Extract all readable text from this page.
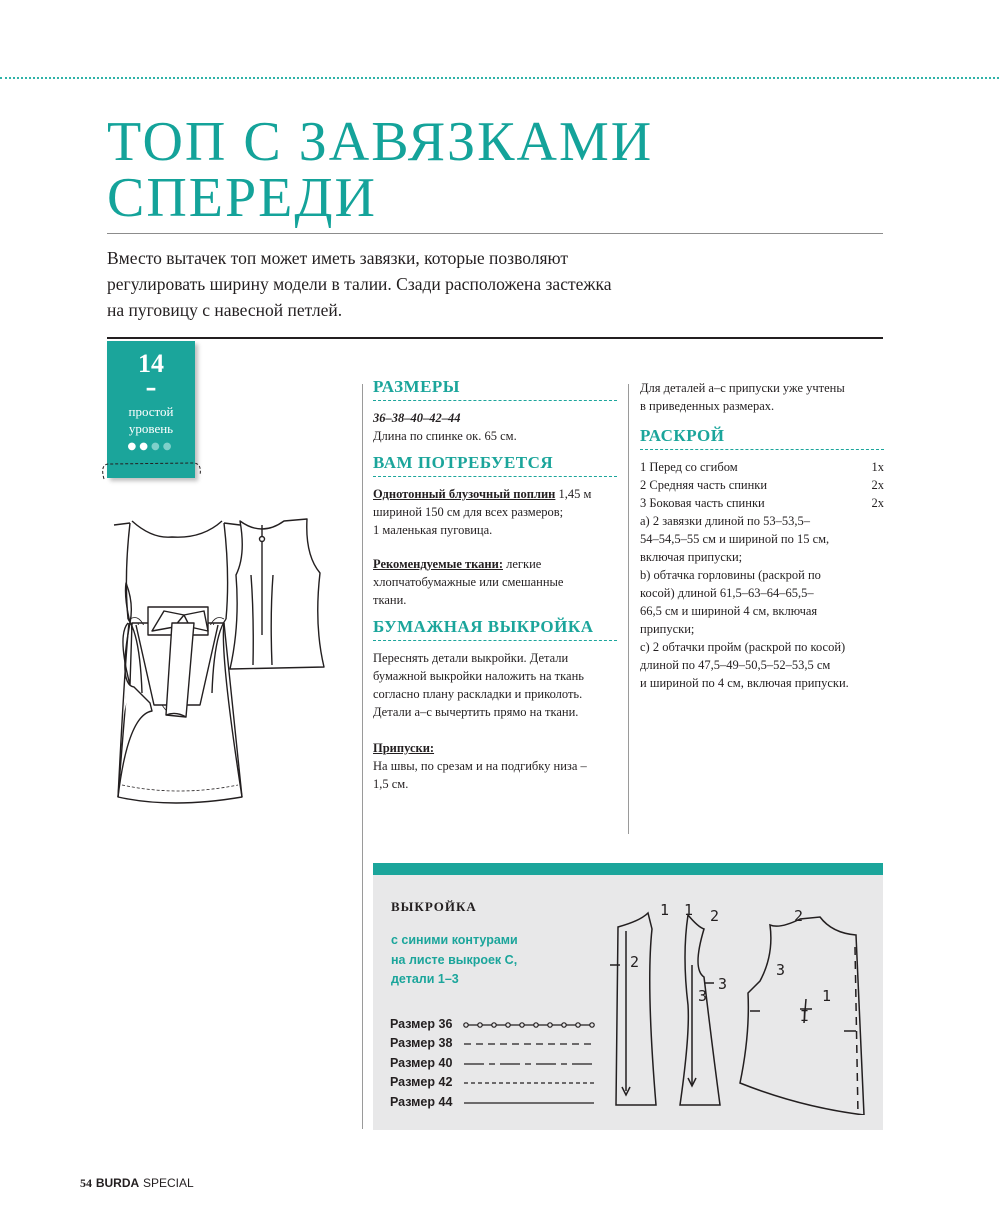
ТОП С ЗАВЯЗКАМИ
СПЕРЕДИ
Вместо вытачек топ может иметь завязки, которые позволяют
регулировать ширину модели в талии. Сзади расположена застежка
на пуговицу с навесной петлей.
14
–
простой
уровень
●●●●
РАЗМЕРЫ
36–38–40–42–44
Длина по спинке ок. 65 см.
ВАМ ПОТРЕБУЕТСЯ
Однотонный блузочный поплин 1,45 м
шириной 150 см для всех размеров;
1 маленькая пуговица.
Рекомендуемые ткани: легкие
хлопчатобумажные или смешанные
ткани.
БУМАЖНАЯ ВЫКРОЙКА
Переснять детали выкройки. Детали
бумажной выкройки наложить на ткань
согласно плану раскладки и приколоть.
Детали а–с вычертить прямо на ткани.
Припуски:
На швы, по срезам и на подгибку низа –
1,5 см.
Для деталей а–с припуски уже учтены
в приведенных размерах.
РАСКРОЙ
1 Перед со сгибом	1x
2 Средняя часть спинки	2x
3 Боковая часть спинки	2x
а) 2 завязки длиной по 53–53,5–
54–54,5–55 см и шириной по 15 см,
включая припуски;
b) обтачка горловины (раскрой по
косой) длиной 61,5–63–64–65,5–
66,5 см и шириной 4 см, включая
припуски;
с) 2 обтачки пройм (раскрой по косой)
длиной по 47,5–49–50,5–52–53,5 см
и шириной по 4 см, включая припуски.
ВЫКРОЙКА
с синими контурами
на листе выкроек С,
детали 1–3
Размер 36
Размер 38
Размер 40
Размер 42
Размер 44
1
2
1 2
3
3
2
3
1
I
54 BURDA SPECIAL
